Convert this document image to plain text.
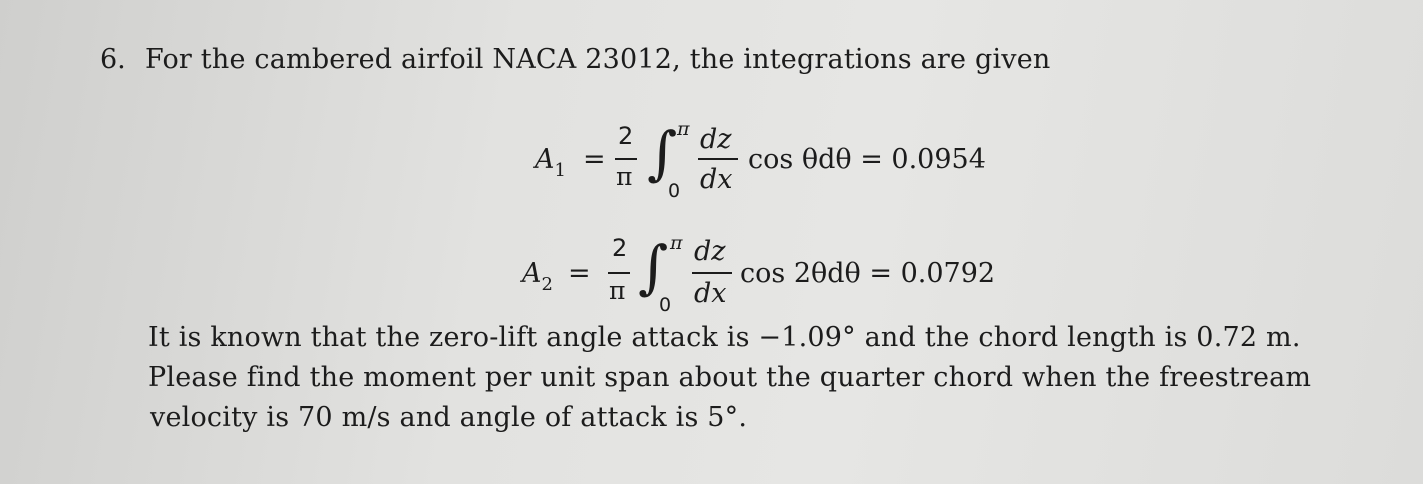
6. For the cambered airfoil NACA 23012, the integrations are given
$A_1$ =
2
π ∫ π
0
dz
dx
cos θdθ = 0.0954
$A_2$ =
2
π ∫ π
0
dz
dx
cos 2θdθ = 0.0792
It is known that the zero-lift angle attack is −1.09° and the chord length is 0.72 m.
Please find the moment per unit span about the quarter chord when the freestream
velocity is 70 m/s and angle of attack is 5°.
